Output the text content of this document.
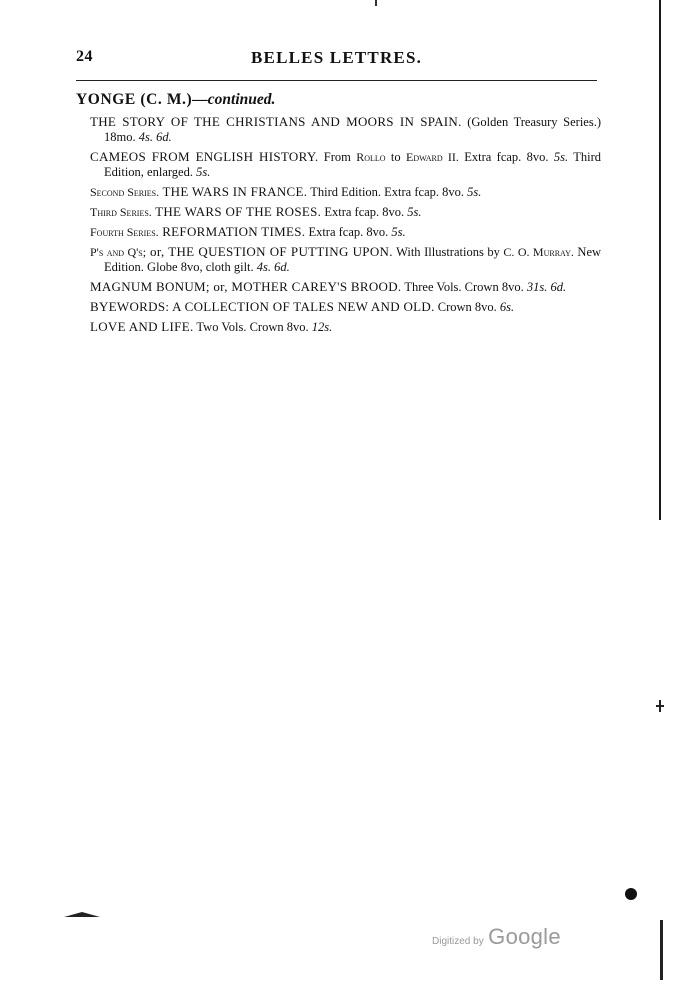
24	BELLES LETTRES.
YONGE (C. M.)—continued.

THE STORY OF THE CHRISTIANS AND MOORS IN SPAIN. (Golden Treasury Series.) 18mo. 4s. 6d.

CAMEOS FROM ENGLISH HISTORY. From Rollo to Edward II. Extra fcap. 8vo. 5s. Third Edition, enlarged. 5s.

Second Series. THE WARS IN FRANCE. Third Edition. Extra fcap. 8vo. 5s.

Third Series. THE WARS OF THE ROSES. Extra fcap. 8vo. 5s.

Fourth Series. REFORMATION TIMES. Extra fcap. 8vo. 5s.

P's and Q's; or, THE QUESTION OF PUTTING UPON. With Illustrations by C. O. Murray. New Edition. Globe 8vo, cloth gilt. 4s. 6d.

MAGNUM BONUM; or, MOTHER CAREY'S BROOD. Three Vols. Crown 8vo. 31s. 6d.

BYEWORDS: A COLLECTION OF TALES NEW AND OLD. Crown 8vo. 6s.

LOVE AND LIFE. Two Vols. Crown 8vo. 12s.

Digitized by Google
